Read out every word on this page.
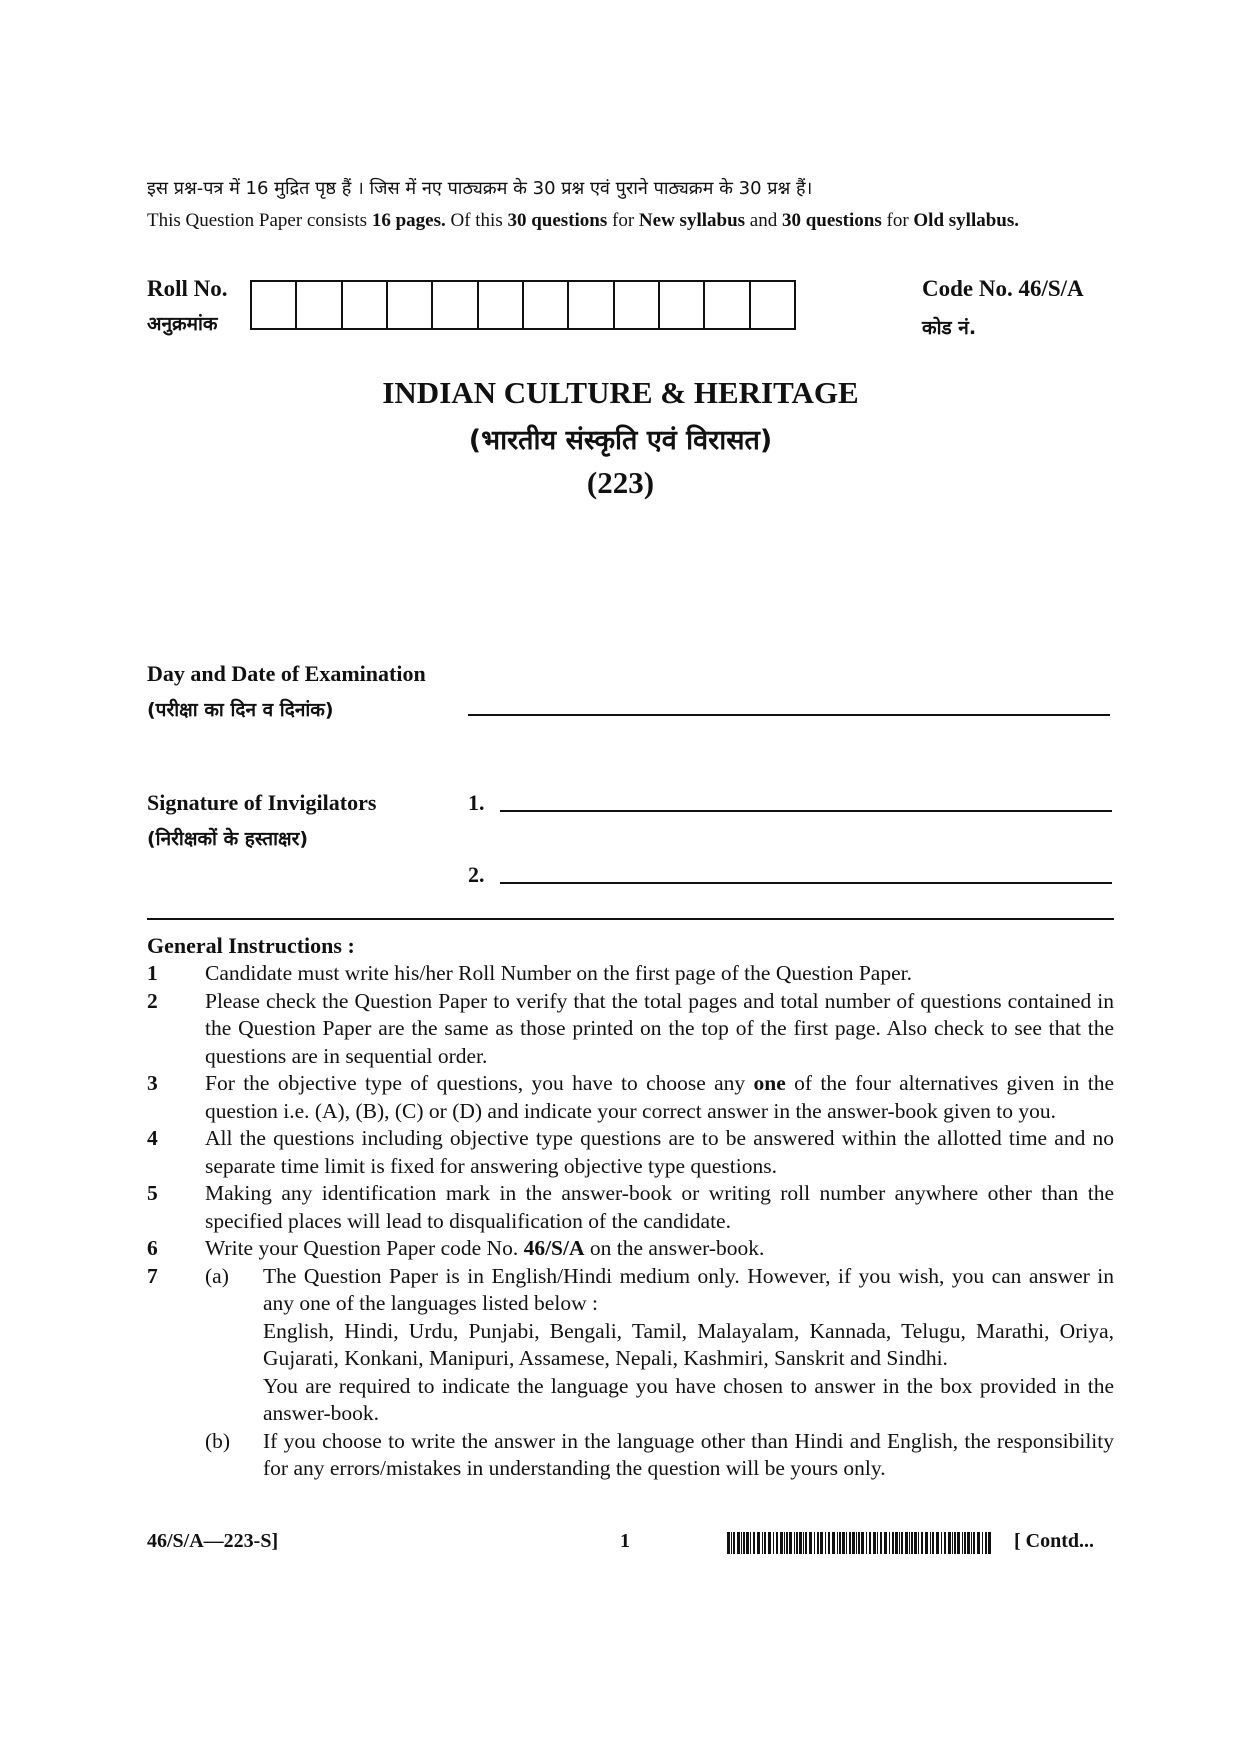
इस प्रश्न-पत्र में 16 मुद्रित पृष्ठ हैं । जिस में नए पाठ्यक्रम के 30 प्रश्न एवं पुराने पाठ्यक्रम के 30 प्रश्न हैं।
This Question Paper consists 16 pages. Of this 30 questions for New syllabus and 30 questions for Old syllabus.
Roll No.
अनुक्रमांक
Code No. 46/S/A
कोड नं.
INDIAN CULTURE & HERITAGE
(भारतीय संस्कृति एवं विरासत)
(223)
Day and Date of Examination
(परीक्षा का दिन व दिनांक)
Signature of Invigilators
(निरीक्षकों के हस्ताक्षर)
1.
2.
General Instructions :
1	Candidate must write his/her Roll Number on the first page of the Question Paper.
2	Please check the Question Paper to verify that the total pages and total number of questions contained in the Question Paper are the same as those printed on the top of the first page. Also check to see that the questions are in sequential order.
3	For the objective type of questions, you have to choose any one of the four alternatives given in the question i.e. (A), (B), (C) or (D) and indicate your correct answer in the answer-book given to you.
4	All the questions including objective type questions are to be answered within the allotted time and no separate time limit is fixed for answering objective type questions.
5	Making any identification mark in the answer-book or writing roll number anywhere other than the specified places will lead to disqualification of the candidate.
6	Write your Question Paper code No. 46/S/A on the answer-book.
7	(a)	The Question Paper is in English/Hindi medium only. However, if you wish, you can answer in any one of the languages listed below :
English, Hindi, Urdu, Punjabi, Bengali, Tamil, Malayalam, Kannada, Telugu, Marathi, Oriya, Gujarati, Konkani, Manipuri, Assamese, Nepali, Kashmiri, Sanskrit and Sindhi.
You are required to indicate the language you have chosen to answer in the box provided in the answer-book.
(b)	If you choose to write the answer in the language other than Hindi and English, the responsibility for any errors/mistakes in understanding the question will be yours only.
46/S/A—223-S]	1	[ Contd...
